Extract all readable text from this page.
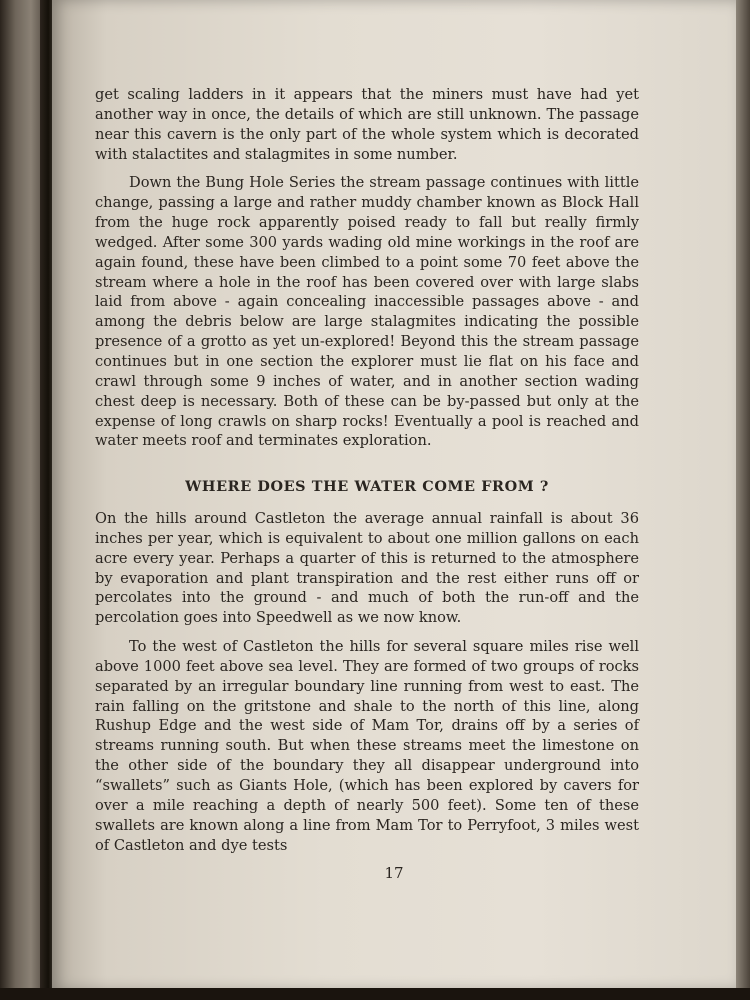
get scaling ladders in it appears that the miners must have had yet another way in once, the details of which are still unknown. The passage near this cavern is the only part of the whole system which is decorated with stalactites and stalagmites in some number.

Down the Bung Hole Series the stream passage continues with little change, passing a large and rather muddy chamber known as Block Hall from the huge rock apparently poised ready to fall but really firmly wedged. After some 300 yards wading old mine workings in the roof are again found, these have been climbed to a point some 70 feet above the stream where a hole in the roof has been covered over with large slabs laid from above - again concealing inaccessible passages above - and among the debris below are large stalagmites indicating the possible presence of a grotto as yet un-explored! Beyond this the stream passage continues but in one section the explorer must lie flat on his face and crawl through some 9 inches of water, and in another section wading chest deep is necessary. Both of these can be by-passed but only at the expense of long crawls on sharp rocks! Eventually a pool is reached and water meets roof and terminates exploration.

WHERE DOES THE WATER COME FROM ?

On the hills around Castleton the average annual rainfall is about 36 inches per year, which is equivalent to about one million gallons on each acre every year. Perhaps a quarter of this is returned to the atmosphere by evaporation and plant transpiration and the rest either runs off or percolates into the ground - and much of both the run-off and the percolation goes into Speedwell as we now know.

To the west of Castleton the hills for several square miles rise well above 1000 feet above sea level. They are formed of two groups of rocks separated by an irregular boundary line running from west to east. The rain falling on the gritstone and shale to the north of this line, along Rushup Edge and the west side of Mam Tor, drains off by a series of streams running south. But when these streams meet the limestone on the other side of the boundary they all disappear underground into “swallets” such as Giants Hole, (which has been explored by cavers for over a mile reaching a depth of nearly 500 feet). Some ten of these swallets are known along a line from Mam Tor to Perryfoot, 3 miles west of Castleton and dye tests

17
